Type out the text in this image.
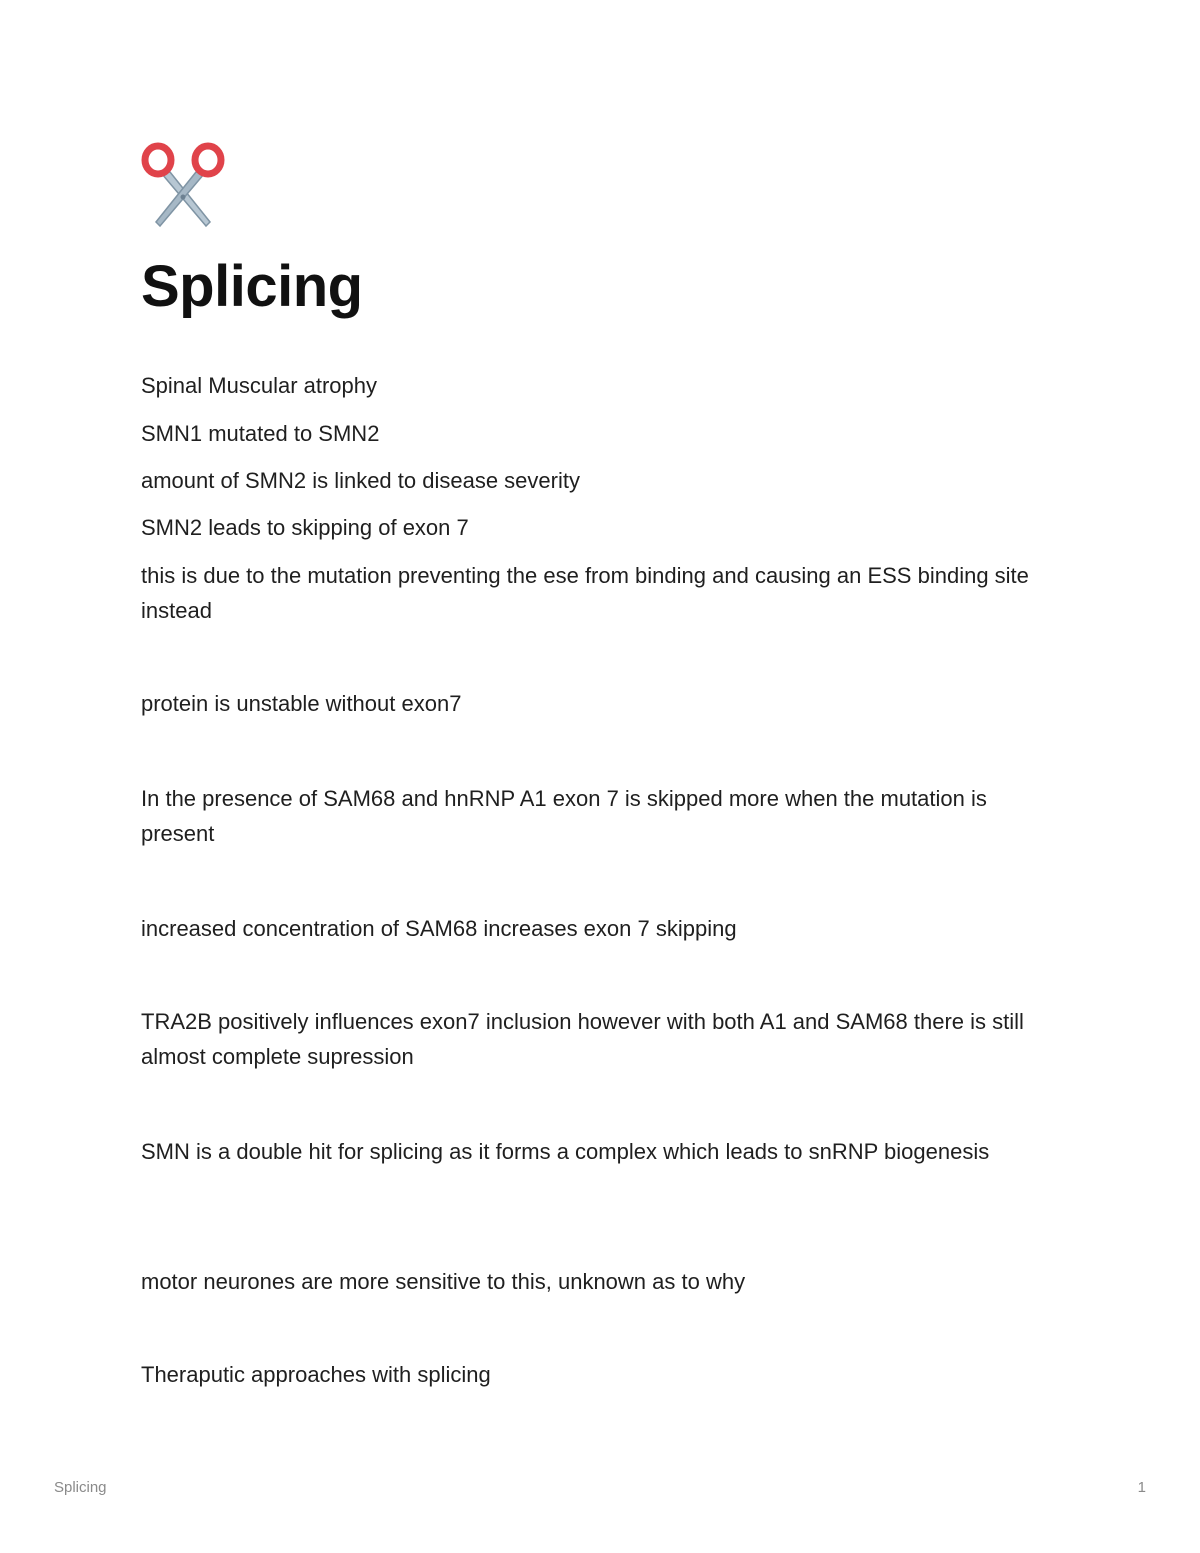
Splicing

Spinal Muscular atrophy

SMN1 mutated to SMN2

amount of SMN2 is linked to disease severity

SMN2 leads to skipping of exon 7

this is due to the mutation preventing the ese from binding and causing an ESS binding site instead

protein is unstable without exon7

In the presence of SAM68 and hnRNP A1 exon 7 is skipped more when the mutation is present

increased concentration of SAM68 increases exon 7 skipping

TRA2B positively influences exon7 inclusion however with both A1 and SAM68 there is still almost complete supression

SMN is a double hit for splicing as it forms a complex which leads to snRNP biogenesis

motor neurones are more sensitive to this, unknown as to why

Theraputic approaches with splicing

Splicing	1
